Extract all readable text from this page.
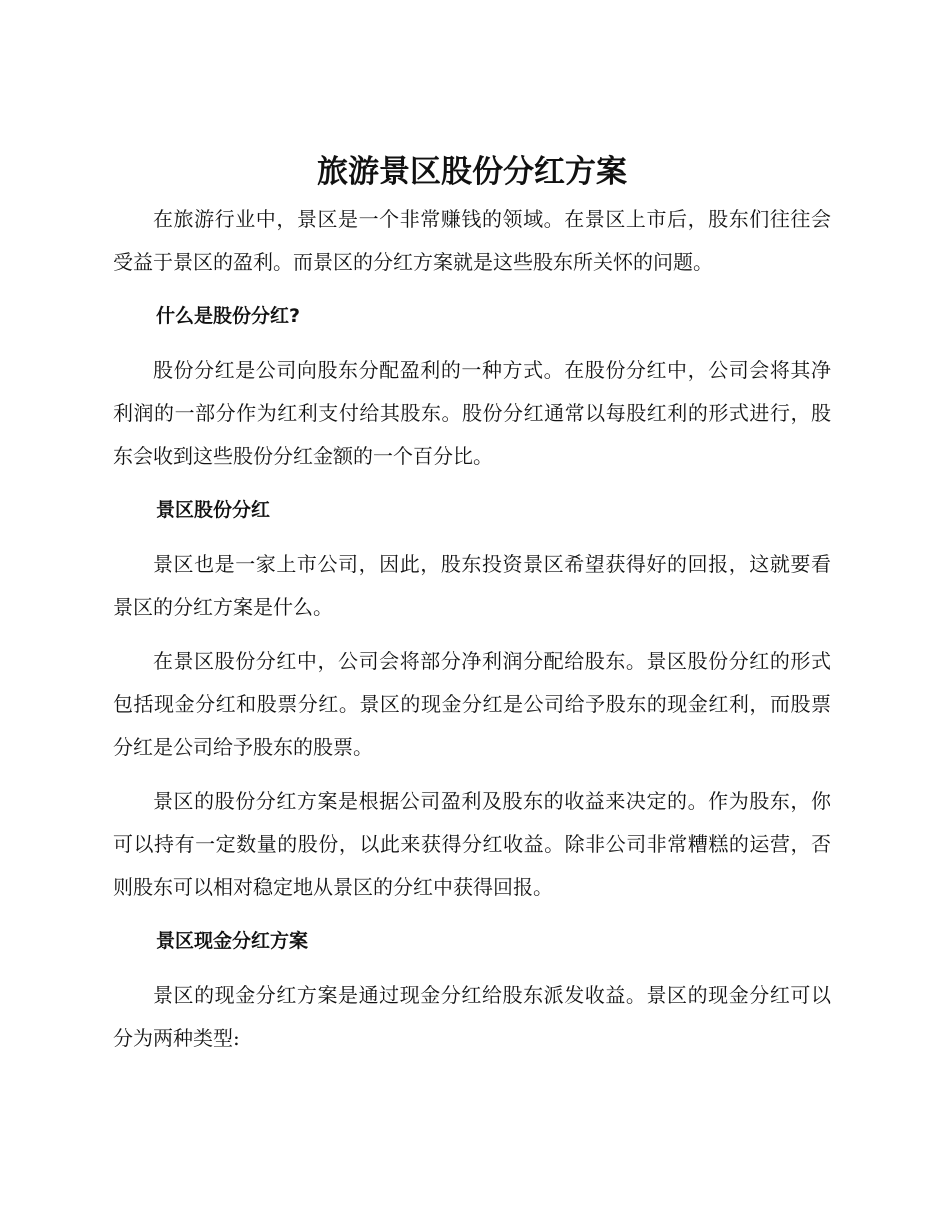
旅游景区股份分红方案

在旅游行业中，景区是一个非常赚钱的领域。在景区上市后，股东们往往会受益于景区的盈利。而景区的分红方案就是这些股东所关怀的问题。

什么是股份分红?

股份分红是公司向股东分配盈利的一种方式。在股份分红中，公司会将其净利润的一部分作为红利支付给其股东。股份分红通常以每股红利的形式进行，股东会收到这些股份分红金额的一个百分比。

景区股份分红

景区也是一家上市公司，因此，股东投资景区希望获得好的回报，这就要看景区的分红方案是什么。

在景区股份分红中，公司会将部分净利润分配给股东。景区股份分红的形式包括现金分红和股票分红。景区的现金分红是公司给予股东的现金红利，而股票分红是公司给予股东的股票。

景区的股份分红方案是根据公司盈利及股东的收益来决定的。作为股东，你可以持有一定数量的股份，以此来获得分红收益。除非公司非常糟糕的运营，否则股东可以相对稳定地从景区的分红中获得回报。

景区现金分红方案

景区的现金分红方案是通过现金分红给股东派发收益。景区的现金分红可以分为两种类型:
